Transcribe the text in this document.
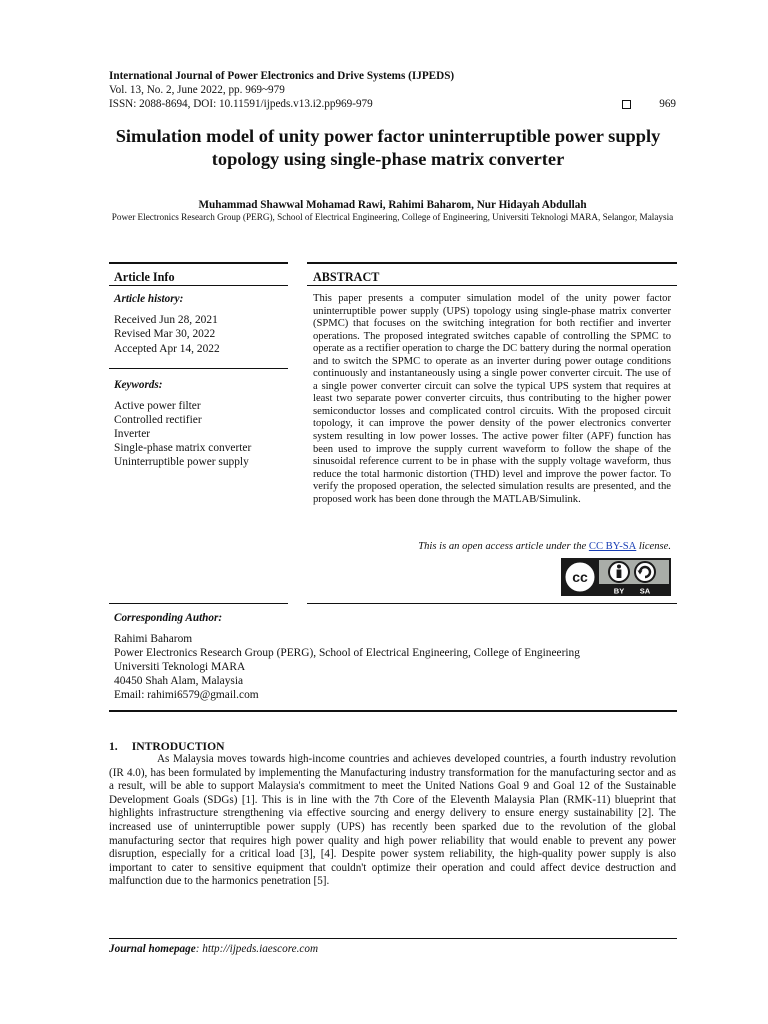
International Journal of Power Electronics and Drive Systems (IJPEDS)
Vol. 13, No. 2, June 2022, pp. 969~979
ISSN: 2088-8694, DOI: 10.11591/ijpeds.v13.i2.pp969-979	969
Simulation model of unity power factor uninterruptible power supply topology using single-phase matrix converter
Muhammad Shawwal Mohamad Rawi, Rahimi Baharom, Nur Hidayah Abdullah
Power Electronics Research Group (PERG), School of Electrical Engineering, College of Engineering, Universiti Teknologi MARA, Selangor, Malaysia
Article Info
Article history:
Received Jun 28, 2021
Revised Mar 30, 2022
Accepted Apr 14, 2022
Keywords:
Active power filter
Controlled rectifier
Inverter
Single-phase matrix converter
Uninterruptible power supply
ABSTRACT
This paper presents a computer simulation model of the unity power factor uninterruptible power supply (UPS) topology using single-phase matrix converter (SPMC) that focuses on the switching integration for both rectifier and inverter operations. The proposed integrated switches capable of controlling the SPMC to operate as a rectifier operation to charge the DC battery during the normal operation and to switch the SPMC to operate as an inverter during power outage conditions continuously and instantaneously using a single power converter circuit. The use of a single power converter circuit can solve the typical UPS system that requires at least two separate power converter circuits, thus contributing to the higher power semiconductor losses and complicated control circuits. With the proposed circuit topology, it can improve the power density of the power electronics converter system resulting in low power losses. The active power filter (APF) function has been used to improve the supply current waveform to follow the shape of the sinusoidal reference current to be in phase with the supply voltage waveform, thus reduce the total harmonic distortion (THD) level and improve the power factor. To verify the proposed operation, the selected simulation results are presented, and the proposed work has been done through the MATLAB/Simulink.
This is an open access article under the CC BY-SA license.
cc
BY SA
Corresponding Author:
Rahimi Baharom
Power Electronics Research Group (PERG), School of Electrical Engineering, College of Engineering
Universiti Teknologi MARA
40450 Shah Alam, Malaysia
Email: rahimi6579@gmail.com
1. INTRODUCTION
As Malaysia moves towards high-income countries and achieves developed countries, a fourth industry revolution (IR 4.0), has been formulated by implementing the Manufacturing industry transformation for the manufacturing sector and as a result, will be able to support Malaysia's commitment to meet the United Nations Goal 9 and Goal 12 of the Sustainable Development Goals (SDGs) [1]. This is in line with the 7th Core of the Eleventh Malaysia Plan (RMK-11) blueprint that highlights infrastructure strengthening via effective sourcing and energy delivery to ensure energy sustainability [2]. The increased use of uninterruptible power supply (UPS) has recently been sparked due to the revolution of the global manufacturing sector that requires high power quality and high power reliability that would enable to prevent any power disruption, especially for a critical load [3], [4]. Despite power system reliability, the high-quality power supply is also important to cater to sensitive equipment that couldn't optimize their operation and could affect device destruction and malfunction due to the harmonics penetration [5].
Journal homepage: http://ijpeds.iaescore.com
